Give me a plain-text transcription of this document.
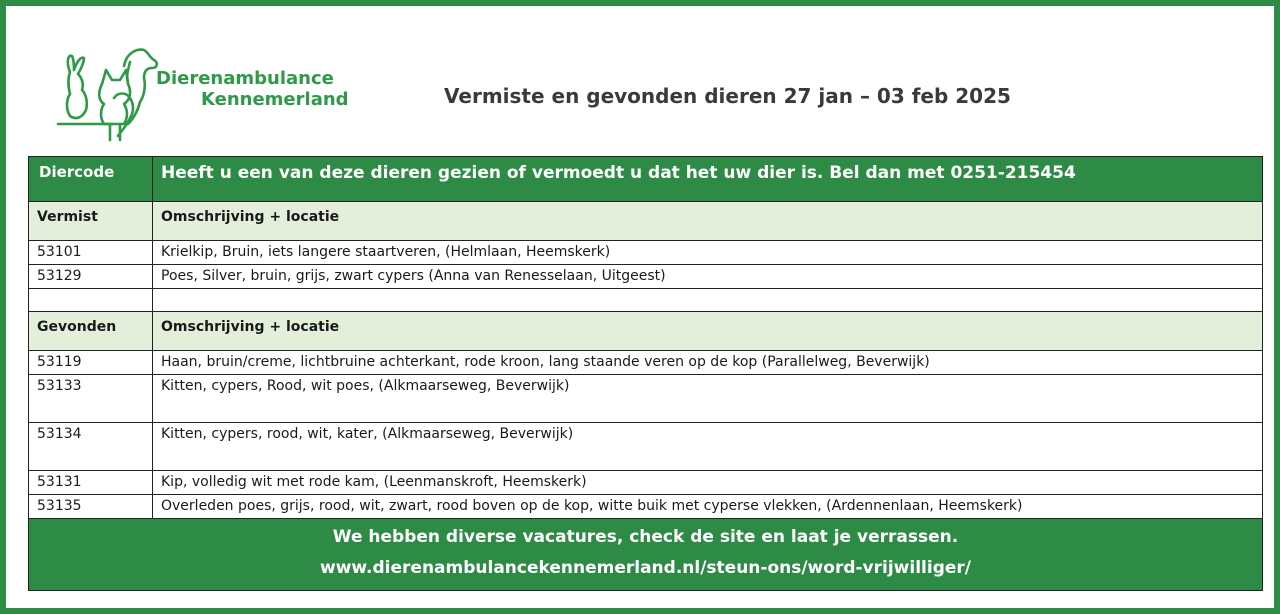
Dierenambulance
Kennemerland	Vermiste en gevonden dieren 27 jan – 03 feb 2025
Diercode	Heeft u een van deze dieren gezien of vermoedt u dat het uw dier is. Bel dan met 0251-215454
Vermist	Omschrijving + locatie
53101	Krielkip, Bruin, iets langere staartveren, (Helmlaan, Heemskerk)
53129	Poes, Silver, bruin, grijs, zwart cypers (Anna van Renesselaan, Uitgeest)

Gevonden	Omschrijving + locatie
53119	Haan, bruin/creme, lichtbruine achterkant, rode kroon, lang staande veren op de kop (Parallelweg, Beverwijk)
53133	Kitten, cypers, Rood, wit poes, (Alkmaarseweg, Beverwijk)
53134	Kitten, cypers, rood, wit, kater, (Alkmaarseweg, Beverwijk)
53131	Kip, volledig wit met rode kam, (Leenmanskroft, Heemskerk)
53135	Overleden poes, grijs, rood, wit, zwart, rood boven op de kop, witte buik met cyperse vlekken, (Ardennenlaan, Heemskerk)

We hebben diverse vacatures, check de site en laat je verrassen.
www.dierenambulancekennemerland.nl/steun-ons/word-vrijwilliger/	
